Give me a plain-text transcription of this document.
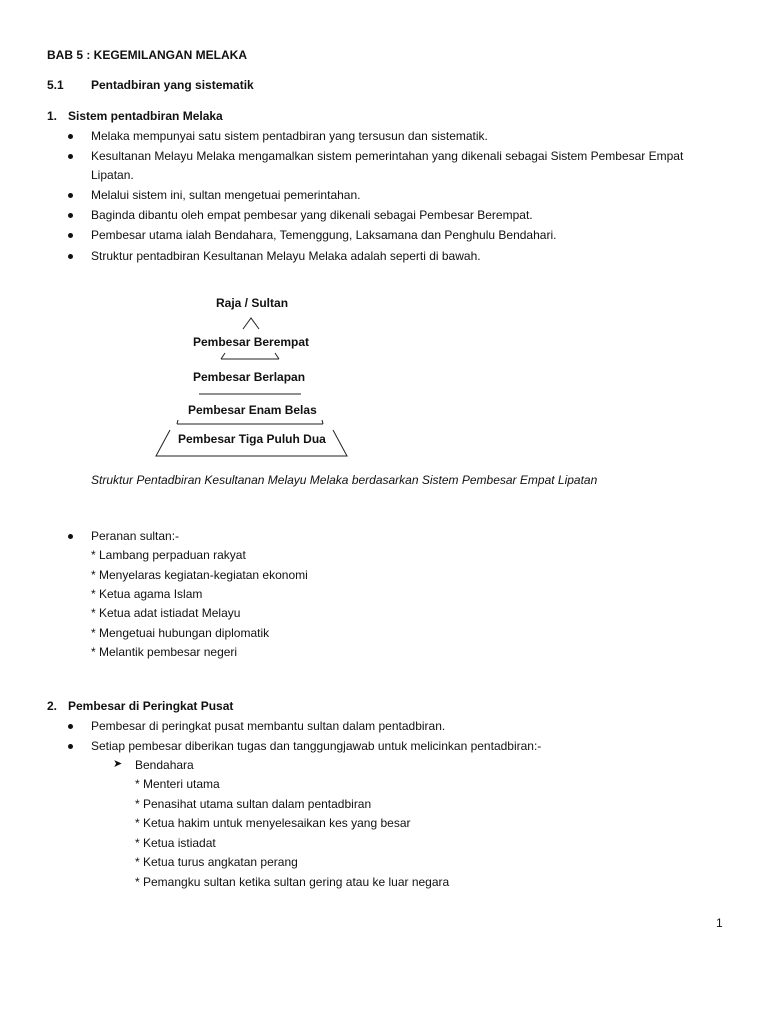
BAB 5 : KEGEMILANGAN MELAKA
5.1 Pentadbiran yang sistematik
1. Sistem pentadbiran Melaka
Melaka mempunyai satu sistem pentadbiran yang tersusun dan sistematik.
Kesultanan Melayu Melaka mengamalkan sistem pemerintahan yang dikenali sebagai Sistem Pembesar Empat
Lipatan.
Melalui sistem ini, sultan mengetuai pemerintahan.
Baginda dibantu oleh empat pembesar yang dikenali sebagai Pembesar Berempat.
Pembesar utama ialah Bendahara, Temenggung, Laksamana dan Penghulu Bendahari.
Struktur pentadbiran Kesultanan Melayu Melaka adalah seperti di bawah.
Raja / Sultan
Pembesar Berempat
Pembesar Berlapan
Pembesar Enam Belas
Pembesar Tiga Puluh Dua
Struktur Pentadbiran Kesultanan Melayu Melaka berdasarkan Sistem Pembesar Empat Lipatan
Peranan sultan:-
* Lambang perpaduan rakyat
* Menyelaras kegiatan-kegiatan ekonomi
* Ketua agama Islam
* Ketua adat istiadat Melayu
* Mengetuai hubungan diplomatik
* Melantik pembesar negeri
2. Pembesar di Peringkat Pusat
Pembesar di peringkat pusat membantu sultan dalam pentadbiran.
Setiap pembesar diberikan tugas dan tanggungjawab untuk melicinkan pentadbiran:-
➤ Bendahara
* Menteri utama
* Penasihat utama sultan dalam pentadbiran
* Ketua hakim untuk menyelesaikan kes yang besar
* Ketua istiadat
* Ketua turus angkatan perang
* Pemangku sultan ketika sultan gering atau ke luar negara
1
